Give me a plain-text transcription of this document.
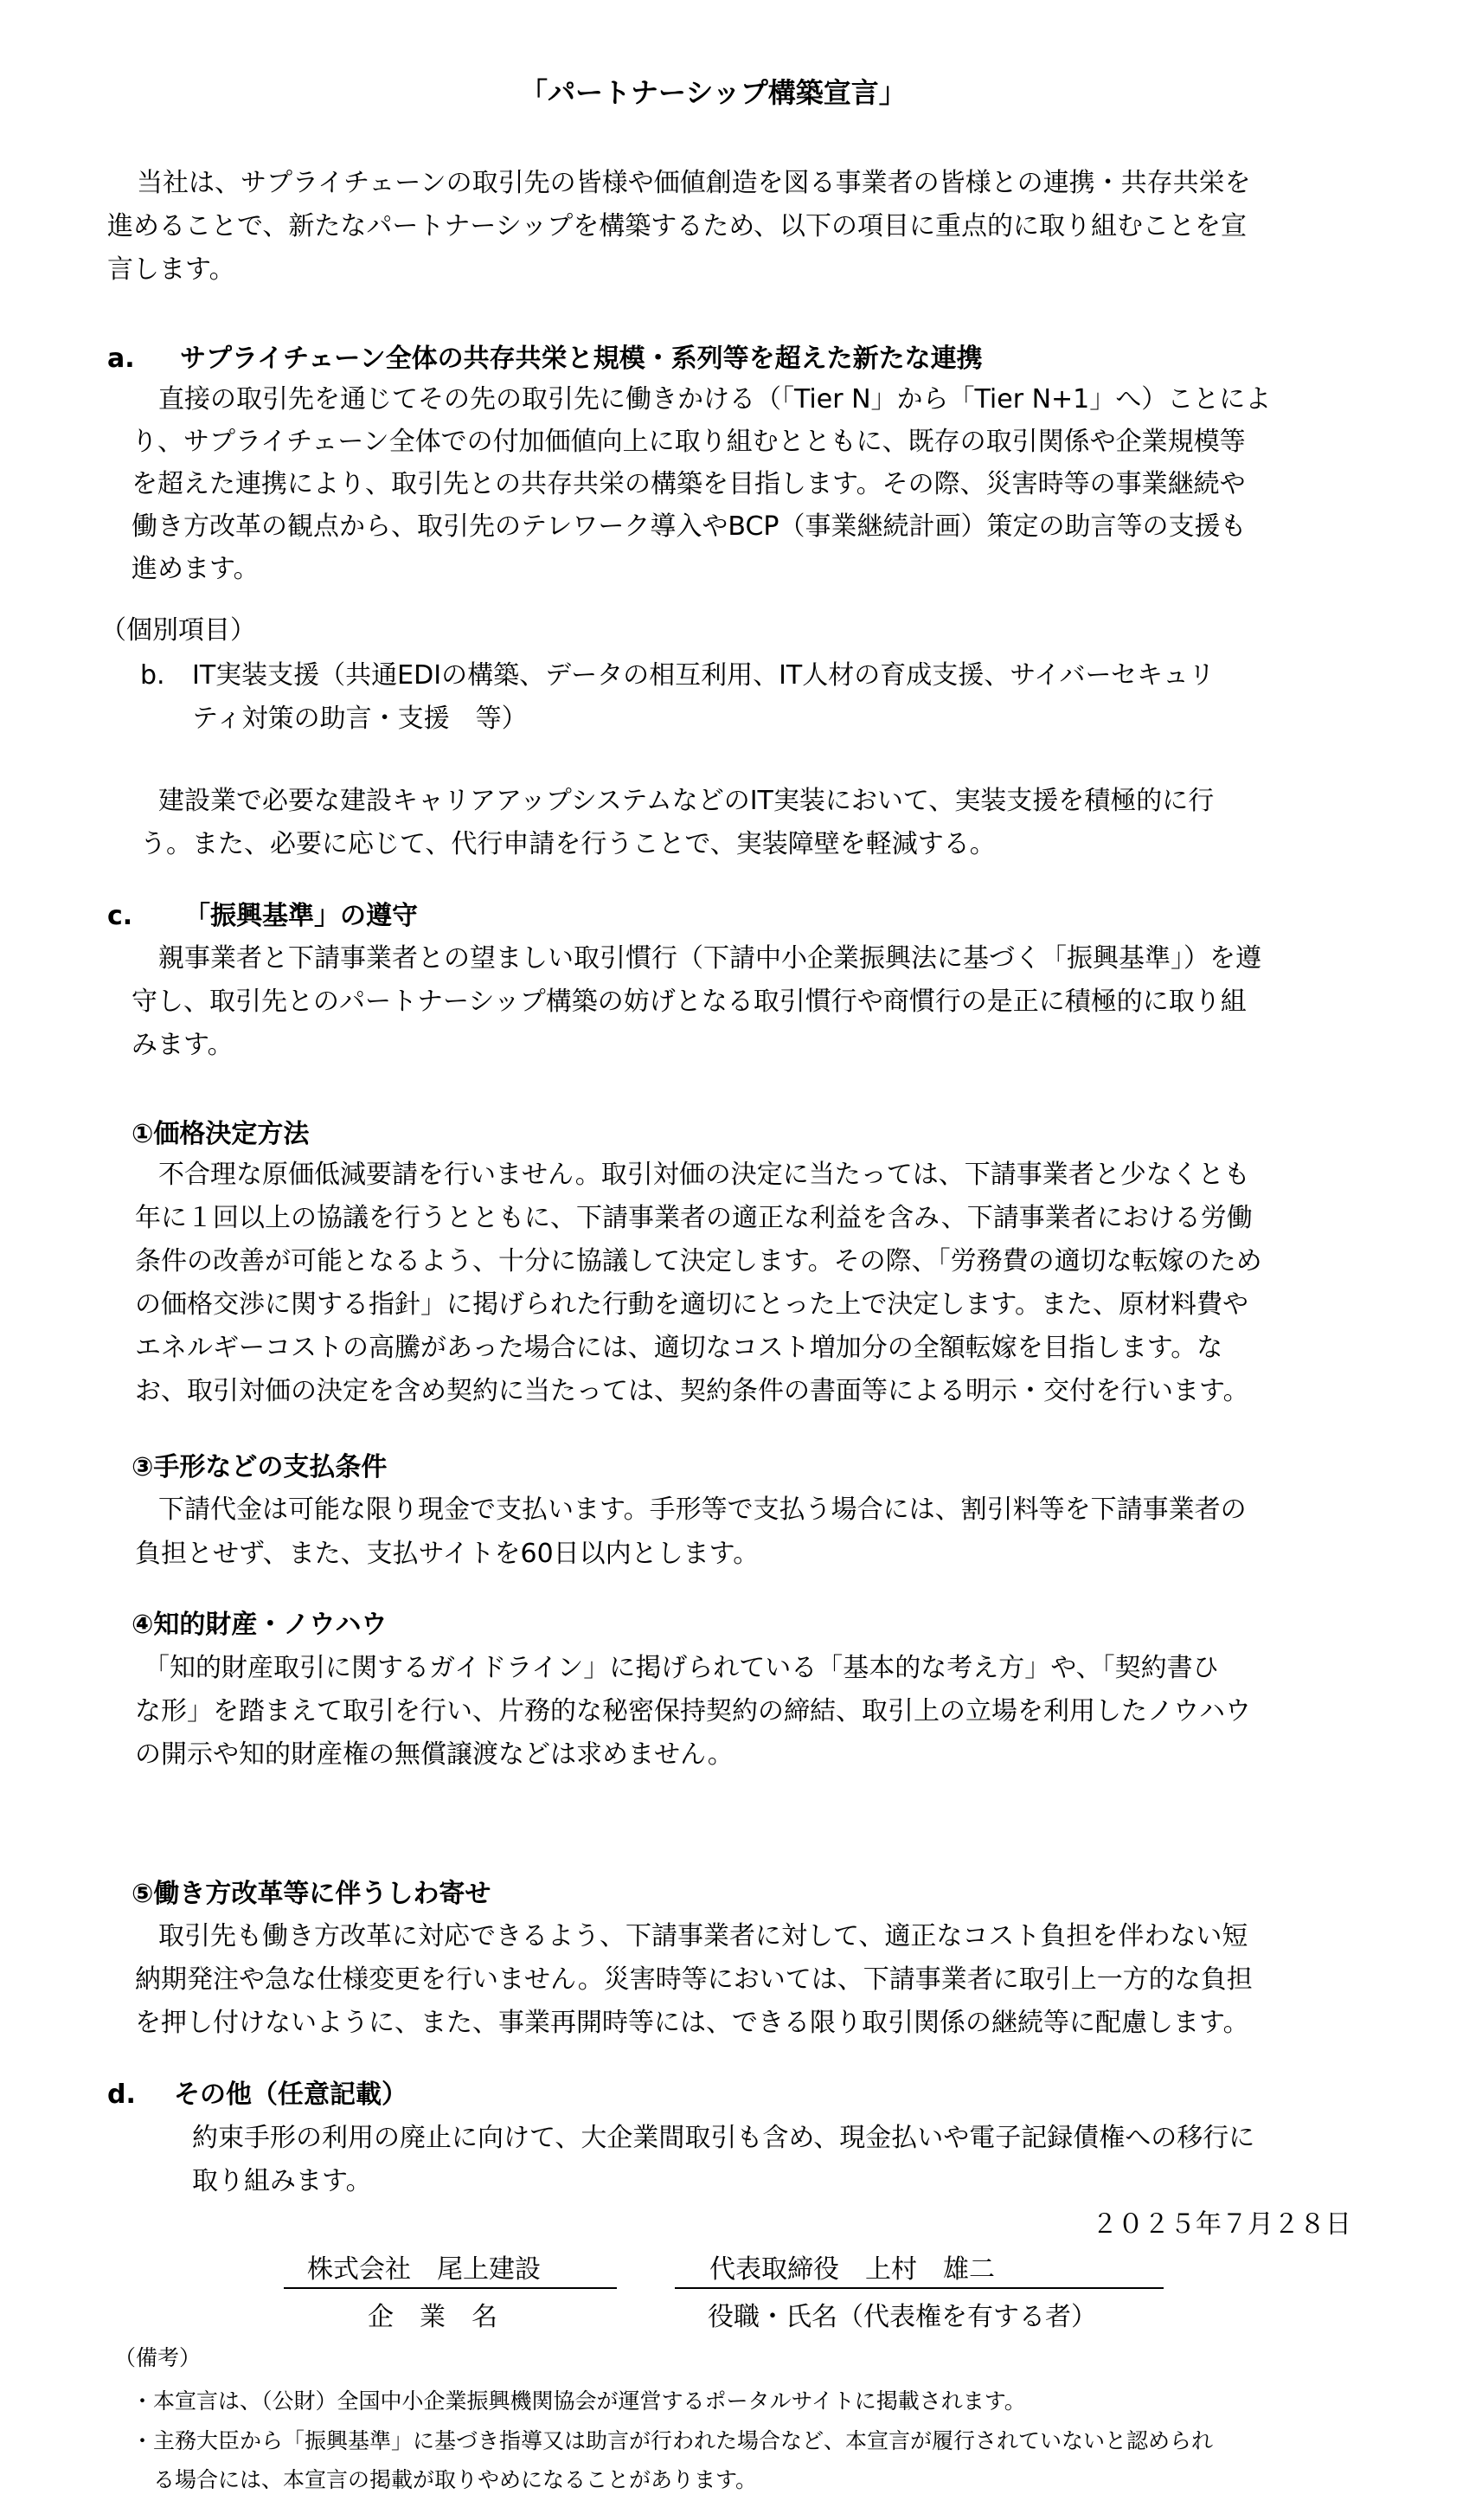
「パートナーシップ構築宣言」
当社は、サプライチェーンの取引先の皆様や価値創造を図る事業者の皆様との連携・共存共栄を
進めることで、新たなパートナーシップを構築するため、以下の項目に重点的に取り組むことを宣
言します。
a. サプライチェーン全体の共存共栄と規模・系列等を超えた新たな連携
直接の取引先を通じてその先の取引先に働きかける（「Tier N」から「Tier N+1」へ）ことによ
り、サプライチェーン全体での付加価値向上に取り組むとともに、既存の取引関係や企業規模等
を超えた連携により、取引先との共存共栄の構築を目指します。その際、災害時等の事業継続や
働き方改革の観点から、取引先のテレワーク導入やBCP（事業継続計画）策定の助言等の支援も
進めます。
（個別項目）
b. IT実装支援（共通EDIの構築、データの相互利用、IT人材の育成支援、サイバーセキュリ
ティ対策の助言・支援　等）
建設業で必要な建設キャリアアップシステムなどのIT実装において、実装支援を積極的に行
う。また、必要に応じて、代行申請を行うことで、実装障壁を軽減する。
c. 「振興基準」の遵守
親事業者と下請事業者との望ましい取引慣行（下請中小企業振興法に基づく「振興基準」）を遵
守し、取引先とのパートナーシップ構築の妨げとなる取引慣行や商慣行の是正に積極的に取り組
みます。
①価格決定方法
不合理な原価低減要請を行いません。取引対価の決定に当たっては、下請事業者と少なくとも
年に１回以上の協議を行うとともに、下請事業者の適正な利益を含み、下請事業者における労働
条件の改善が可能となるよう、十分に協議して決定します。その際、「労務費の適切な転嫁のため
の価格交渉に関する指針」に掲げられた行動を適切にとった上で決定します。また、原材料費や
エネルギーコストの高騰があった場合には、適切なコスト増加分の全額転嫁を目指します。な
お、取引対価の決定を含め契約に当たっては、契約条件の書面等による明示・交付を行います。
③手形などの支払条件
下請代金は可能な限り現金で支払います。手形等で支払う場合には、割引料等を下請事業者の
負担とせず、また、支払サイトを60日以内とします。
④知的財産・ノウハウ
「知的財産取引に関するガイドライン」に掲げられている「基本的な考え方」や、「契約書ひ
な形」を踏まえて取引を行い、片務的な秘密保持契約の締結、取引上の立場を利用したノウハウ
の開示や知的財産権の無償譲渡などは求めません。
⑤働き方改革等に伴うしわ寄せ
取引先も働き方改革に対応できるよう、下請事業者に対して、適正なコスト負担を伴わない短
納期発注や急な仕様変更を行いません。災害時等においては、下請事業者に取引上一方的な負担
を押し付けないように、また、事業再開時等には、できる限り取引関係の継続等に配慮します。
d. その他（任意記載）
約束手形の利用の廃止に向けて、大企業間取引も含め、現金払いや電子記録債権への移行に
取り組みます。
２０２５年７月２８日
株式会社　尾上建設
企　業　名
代表取締役　上村　雄二
役職・氏名（代表権を有する者）
（備考）
・本宣言は、（公財）全国中小企業振興機関協会が運営するポータルサイトに掲載されます。
・主務大臣から「振興基準」に基づき指導又は助言が行われた場合など、本宣言が履行されていないと認められ
　る場合には、本宣言の掲載が取りやめになることがあります。
